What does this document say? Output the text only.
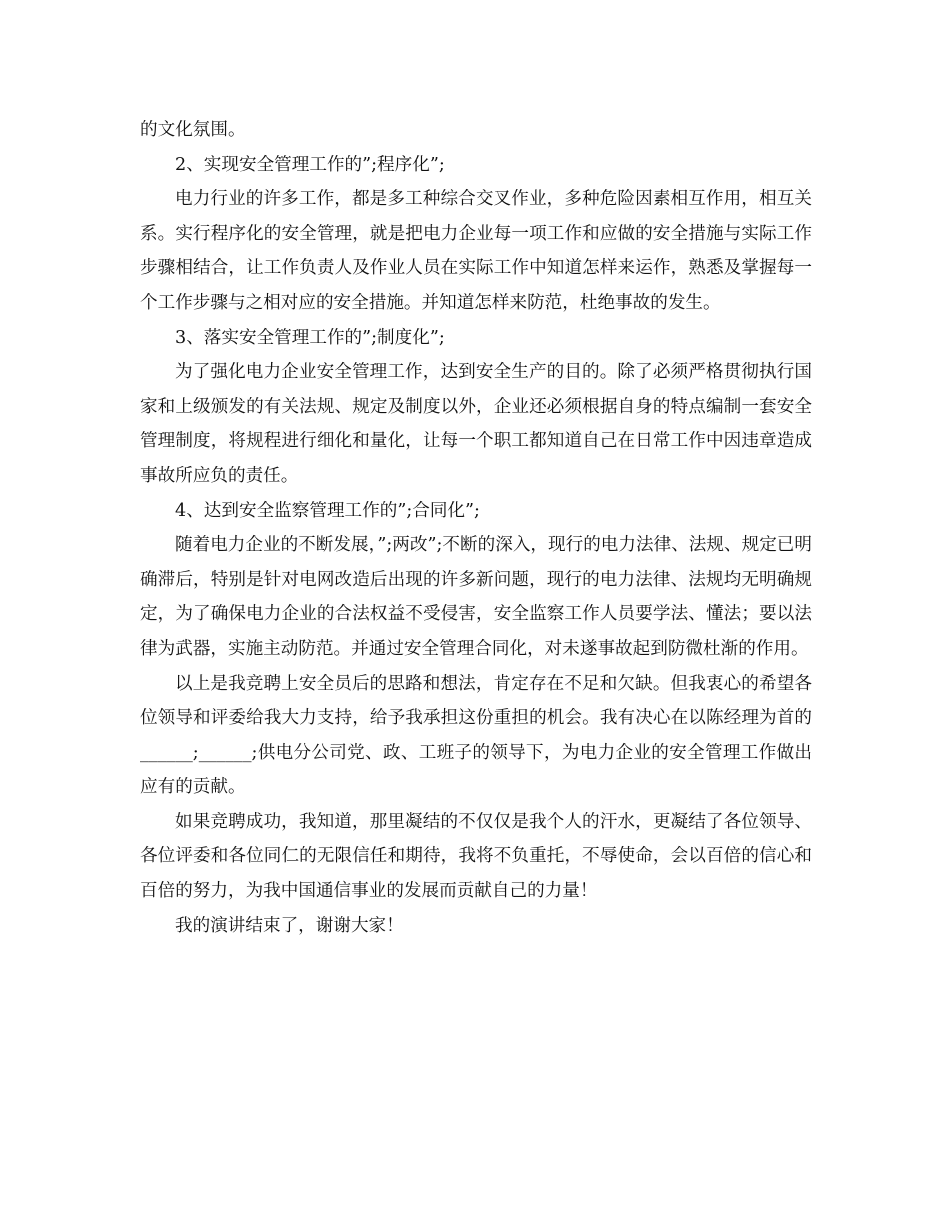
的文化氛围。

2、实现安全管理工作的”;程序化”;

电力行业的许多工作，都是多工种综合交叉作业，多种危险因素相互作用，相互关系。实行程序化的安全管理，就是把电力企业每一项工作和应做的安全措施与实际工作步骤相结合，让工作负责人及作业人员在实际工作中知道怎样来运作，熟悉及掌握每一个工作步骤与之相对应的安全措施。并知道怎样来防范，杜绝事故的发生。

3、落实安全管理工作的”;制度化”;

为了强化电力企业安全管理工作，达到安全生产的目的。除了必须严格贯彻执行国家和上级颁发的有关法规、规定及制度以外，企业还必须根据自身的特点编制一套安全管理制度，将规程进行细化和量化，让每一个职工都知道自己在日常工作中因违章造成事故所应负的责任。

4、达到安全监察管理工作的”;合同化”;

随着电力企业的不断发展，”;两改”;不断的深入，现行的电力法律、法规、规定已明确滞后，特别是针对电网改造后出现的许多新问题，现行的电力法律、法规均无明确规定，为了确保电力企业的合法权益不受侵害，安全监察工作人员要学法、懂法；要以法律为武器，实施主动防范。并通过安全管理合同化，对未遂事故起到防微杜渐的作用。

以上是我竞聘上安全员后的思路和想法，肯定存在不足和欠缺。但我衷心的希望各位领导和评委给我大力支持，给予我承担这份重担的机会。我有决心在以陈经理为首的______;______;供电分公司党、政、工班子的领导下，为电力企业的安全管理工作做出应有的贡献。

如果竞聘成功，我知道，那里凝结的不仅仅是我个人的汗水，更凝结了各位领导、各位评委和各位同仁的无限信任和期待，我将不负重托，不辱使命，会以百倍的信心和百倍的努力，为我中国通信事业的发展而贡献自己的力量！

我的演讲结束了，谢谢大家！
